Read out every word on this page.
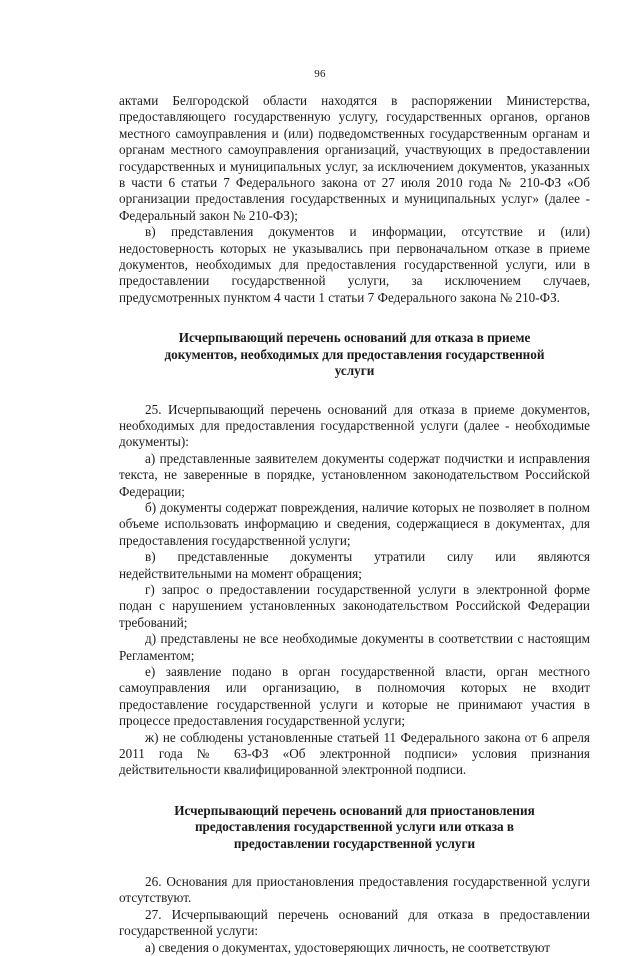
96

актами Белгородской области находятся в распоряжении Министерства, предоставляющего государственную услугу, государственных органов, органов местного самоуправления и (или) подведомственных государственным органам и органам местного самоуправления организаций, участвующих в предоставлении государственных и муниципальных услуг, за исключением документов, указанных в части 6 статьи 7 Федерального закона от 27 июля 2010 года № 210-ФЗ «Об организации предоставления государственных и муниципальных услуг» (далее - Федеральный закон № 210-ФЗ);

в) представления документов и информации, отсутствие и (или) недостоверность которых не указывались при первоначальном отказе в приеме документов, необходимых для предоставления государственной услуги, или в предоставлении государственной услуги, за исключением случаев, предусмотренных пунктом 4 части 1 статьи 7 Федерального закона № 210-ФЗ.

Исчерпывающий перечень оснований для отказа в приеме документов, необходимых для предоставления государственной услуги

25. Исчерпывающий перечень оснований для отказа в приеме документов, необходимых для предоставления государственной услуги (далее - необходимые документы):

а) представленные заявителем документы содержат подчистки и исправления текста, не заверенные в порядке, установленном законодательством Российской Федерации;

б) документы содержат повреждения, наличие которых не позволяет в полном объеме использовать информацию и сведения, содержащиеся в документах, для предоставления государственной услуги;

в) представленные документы утратили силу или являются недействительными на момент обращения;

г) запрос о предоставлении государственной услуги в электронной форме подан с нарушением установленных законодательством Российской Федерации требований;

д) представлены не все необходимые документы в соответствии с настоящим Регламентом;

е) заявление подано в орган государственной власти, орган местного самоуправления или организацию, в полномочия которых не входит предоставление государственной услуги и которые не принимают участия в процессе предоставления государственной услуги;

ж) не соблюдены установленные статьей 11 Федерального закона от 6 апреля 2011 года № 63-ФЗ «Об электронной подписи» условия признания действительности квалифицированной электронной подписи.

Исчерпывающий перечень оснований для приостановления предоставления государственной услуги или отказа в предоставлении государственной услуги

26. Основания для приостановления предоставления государственной услуги отсутствуют.

27. Исчерпывающий перечень оснований для отказа в предоставлении государственной услуги:

а) сведения о документах, удостоверяющих личность, не соответствуют
